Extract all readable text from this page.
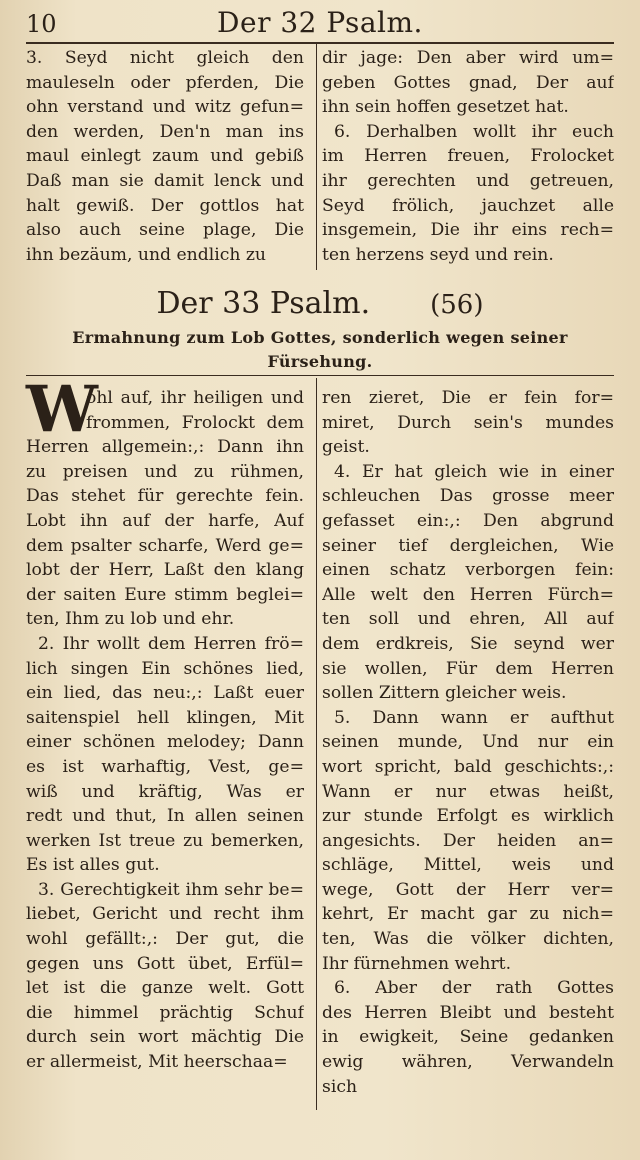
10	Der 32 Psalm.
3. Seyd nicht gleich den
mauleseln oder pferden, Die
ohn verstand und witz gefun=
den werden, Den'n man ins
maul einlegt zaum und gebiß
Daß man sie damit lenck und
halt gewiß. Der gottlos hat
also auch seine plage, Die
ihn bezäum, und endlich zu
dir jage: Den aber wird um=
geben Gottes gnad, Der auf
ihn sein hoffen gesetzet hat.
6. Derhalben wollt ihr euch
im Herren freuen, Frolocket
ihr gerechten und getreuen,
Seyd frölich, jauchzet alle
insgemein, Die ihr eins rech=
ten herzens seyd und rein.
Der 33 Psalm. (56)
Ermahnung zum Lob Gottes, sonderlich wegen seiner Fürsehung.
W
ohl auf, ihr heiligen und
frommen, Frolockt dem
Herren allgemein:,: Dann ihn
zu preisen und zu rühmen,
Das stehet für gerechte fein.
Lobt ihn auf der harfe, Auf
dem psalter scharfe, Werd ge=
lobt der Herr, Laßt den klang
der saiten Eure stimm beglei=
ten, Ihm zu lob und ehr.
2. Ihr wollt dem Herren frö=
lich singen Ein schönes lied,
ein lied, das neu:,: Laßt euer
saitenspiel hell klingen, Mit
einer schönen melodey; Dann
es ist warhaftig, Vest, ge=
wiß und kräftig, Was er
redt und thut, In allen seinen
werken Ist treue zu bemerken,
Es ist alles gut.
3. Gerechtigkeit ihm sehr be=
liebet, Gericht und recht ihm
wohl gefällt:,: Der gut, die
gegen uns Gott übet, Erfül=
let ist die ganze welt. Gott
die himmel prächtig Schuf
durch sein wort mächtig Die
er allermeist, Mit heerschaa=
ren zieret, Die er fein for=
miret, Durch sein's mundes
geist.
4. Er hat gleich wie in einer
schleuchen Das grosse meer
gefasset ein:,: Den abgrund
seiner tief dergleichen, Wie
einen schatz verborgen fein:
Alle welt den Herren Fürch=
ten soll und ehren, All auf
dem erdkreis, Sie seynd wer
sie wollen, Für dem Herren
sollen Zittern gleicher weis.
5. Dann wann er aufthut
seinen munde, Und nur ein
wort spricht, bald geschichts:,:
Wann er nur etwas heißt,
zur stunde Erfolgt es wirklich
angesichts. Der heiden an=
schläge, Mittel, weis und
wege, Gott der Herr ver=
kehrt, Er macht gar zu nich=
ten, Was die völker dichten,
Ihr fürnehmen wehrt.
6. Aber der rath Gottes
des Herren Bleibt und besteht
in ewigkeit, Seine gedanken
ewig währen, Verwandeln
sich
